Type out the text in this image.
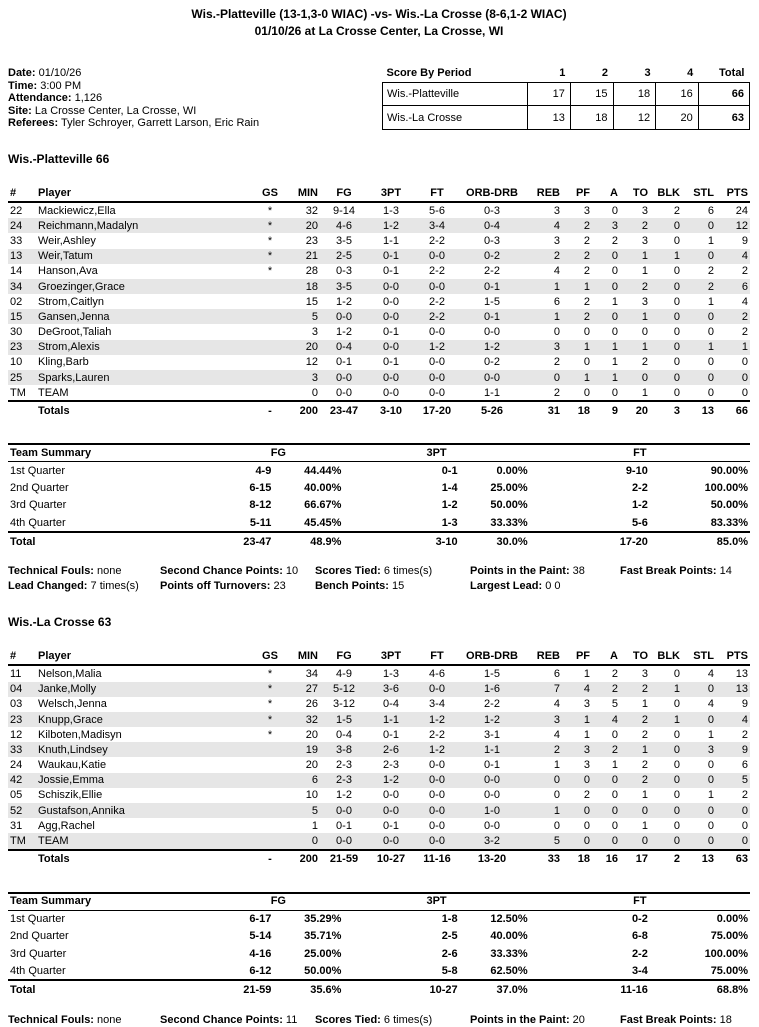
Wis.-Platteville (13-1,3-0 WIAC) -vs- Wis.-La Crosse (8-6,1-2 WIAC)
01/10/26 at La Crosse Center, La Crosse, WI
Date: 01/10/26
Time: 3:00 PM
Attendance: 1,126
Site: La Crosse Center, La Crosse, WI
Referees: Tyler Schroyer, Garrett Larson, Eric Rain
Score By Period	1	2	3	4	Total
Wis.-Platteville	17	15	18	16	66
Wis.-La Crosse	13	18	12	20	63
Wis.-Platteville 66
#	Player	GS	MIN	FG	3PT	FT	ORB-DRB	REB	PF	A	TO	BLK	STL	PTS
22	Mackiewicz,Ella	*	32	9-14	1-3	5-6	0-3	3	3	0	3	2	6	24
24	Reichmann,Madalyn	*	20	4-6	1-2	3-4	0-4	4	2	3	2	0	0	12
33	Weir,Ashley	*	23	3-5	1-1	2-2	0-3	3	2	2	3	0	1	9
13	Weir,Tatum	*	21	2-5	0-1	0-0	0-2	2	2	0	1	1	0	4
14	Hanson,Ava	*	28	0-3	0-1	2-2	2-2	4	2	0	1	0	2	2
34	Groezinger,Grace		18	3-5	0-0	0-0	0-1	1	1	0	2	0	2	6
02	Strom,Caitlyn		15	1-2	0-0	2-2	1-5	6	2	1	3	0	1	4
15	Gansen,Jenna		5	0-0	0-0	2-2	0-1	1	2	0	1	0	0	2
30	DeGroot,Taliah		3	1-2	0-1	0-0	0-0	0	0	0	0	0	0	2
23	Strom,Alexis		20	0-4	0-0	1-2	1-2	3	1	1	1	0	1	1
10	Kling,Barb		12	0-1	0-1	0-0	0-2	2	0	1	2	0	0	0
25	Sparks,Lauren		3	0-0	0-0	0-0	0-0	0	1	1	0	0	0	0
TM	TEAM		0	0-0	0-0	0-0	1-1	2	0	0	1	0	0	0
	Totals	-	200	23-47	3-10	17-20	5-26	31	18	9	20	3	13	66
Team Summary	FG		3PT		FT	
1st Quarter	4-9	44.44%	0-1	0.00%	9-10	90.00%
2nd Quarter	6-15	40.00%	1-4	25.00%	2-2	100.00%
3rd Quarter	8-12	66.67%	1-2	50.00%	1-2	50.00%
4th Quarter	5-11	45.45%	1-3	33.33%	5-6	83.33%
Total	23-47	48.9%	3-10	30.0%	17-20	85.0%
Technical Fouls: none	Second Chance Points: 10	Scores Tied: 6 times(s)	Points in the Paint: 38	Fast Break Points: 14
Lead Changed: 7 times(s)	Points off Turnovers: 23	Bench Points: 15	Largest Lead: 0 0
Wis.-La Crosse 63
#	Player	GS	MIN	FG	3PT	FT	ORB-DRB	REB	PF	A	TO	BLK	STL	PTS
11	Nelson,Malia	*	34	4-9	1-3	4-6	1-5	6	1	2	3	0	4	13
04	Janke,Molly	*	27	5-12	3-6	0-0	1-6	7	4	2	2	1	0	13
03	Welsch,Jenna	*	26	3-12	0-4	3-4	2-2	4	3	5	1	0	4	9
23	Knupp,Grace	*	32	1-5	1-1	1-2	1-2	3	1	4	2	1	0	4
12	Kilboten,Madisyn	*	20	0-4	0-1	2-2	3-1	4	1	0	2	0	1	2
33	Knuth,Lindsey		19	3-8	2-6	1-2	1-1	2	3	2	1	0	3	9
24	Waukau,Katie		20	2-3	2-3	0-0	0-1	1	3	1	2	0	0	6
42	Jossie,Emma		6	2-3	1-2	0-0	0-0	0	0	0	2	0	0	5
05	Schiszik,Ellie		10	1-2	0-0	0-0	0-0	0	2	0	1	0	1	2
52	Gustafson,Annika		5	0-0	0-0	0-0	1-0	1	0	0	0	0	0	0
31	Agg,Rachel		1	0-1	0-1	0-0	0-0	0	0	0	1	0	0	0
TM	TEAM		0	0-0	0-0	0-0	3-2	5	0	0	0	0	0	0
	Totals	-	200	21-59	10-27	11-16	13-20	33	18	16	17	2	13	63
Team Summary	FG		3PT		FT	
1st Quarter	6-17	35.29%	1-8	12.50%	0-2	0.00%
2nd Quarter	5-14	35.71%	2-5	40.00%	6-8	75.00%
3rd Quarter	4-16	25.00%	2-6	33.33%	2-2	100.00%
4th Quarter	6-12	50.00%	5-8	62.50%	3-4	75.00%
Total	21-59	35.6%	10-27	37.0%	11-16	68.8%
Technical Fouls: none	Second Chance Points: 11	Scores Tied: 6 times(s)	Points in the Paint: 20	Fast Break Points: 18
